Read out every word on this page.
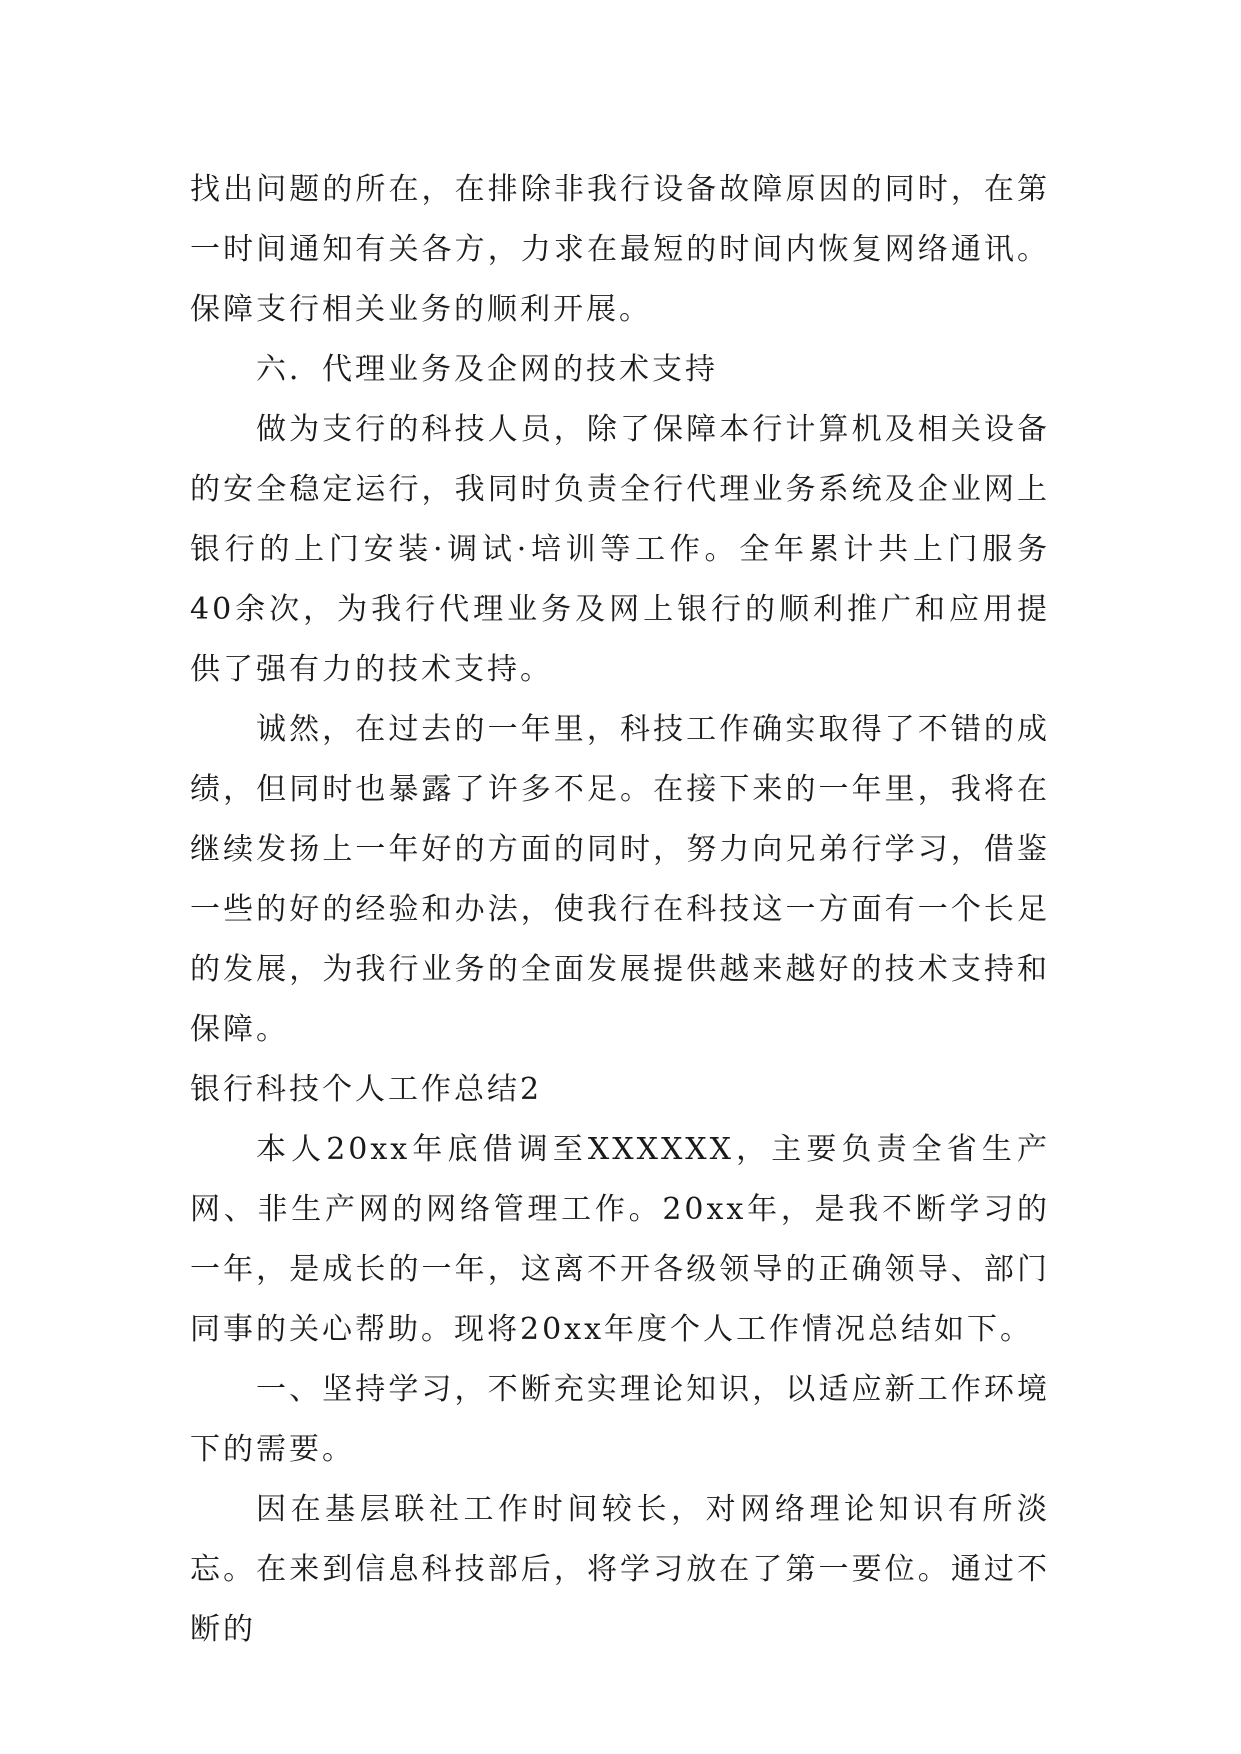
找出问题的所在，在排除非我行设备故障原因的同时，在第一时间通知有关各方，力求在最短的时间内恢复网络通讯。保障支行相关业务的顺利开展。

六．代理业务及企网的技术支持

做为支行的科技人员，除了保障本行计算机及相关设备的安全稳定运行，我同时负责全行代理业务系统及企业网上银行的上门安装·调试·培训等工作。全年累计共上门服务40余次，为我行代理业务及网上银行的顺利推广和应用提供了强有力的技术支持。

诚然，在过去的一年里，科技工作确实取得了不错的成绩，但同时也暴露了许多不足。在接下来的一年里，我将在继续发扬上一年好的方面的同时，努力向兄弟行学习，借鉴一些的好的经验和办法，使我行在科技这一方面有一个长足的发展，为我行业务的全面发展提供越来越好的技术支持和保障。

银行科技个人工作总结2

本人20xx年底借调至XXXXXX，主要负责全省生产网、非生产网的网络管理工作。20xx年，是我不断学习的一年，是成长的一年，这离不开各级领导的正确领导、部门同事的关心帮助。现将20xx年度个人工作情况总结如下。

一、坚持学习，不断充实理论知识，以适应新工作环境下的需要。

因在基层联社工作时间较长，对网络理论知识有所淡忘。在来到信息科技部后，将学习放在了第一要位。通过不断的
